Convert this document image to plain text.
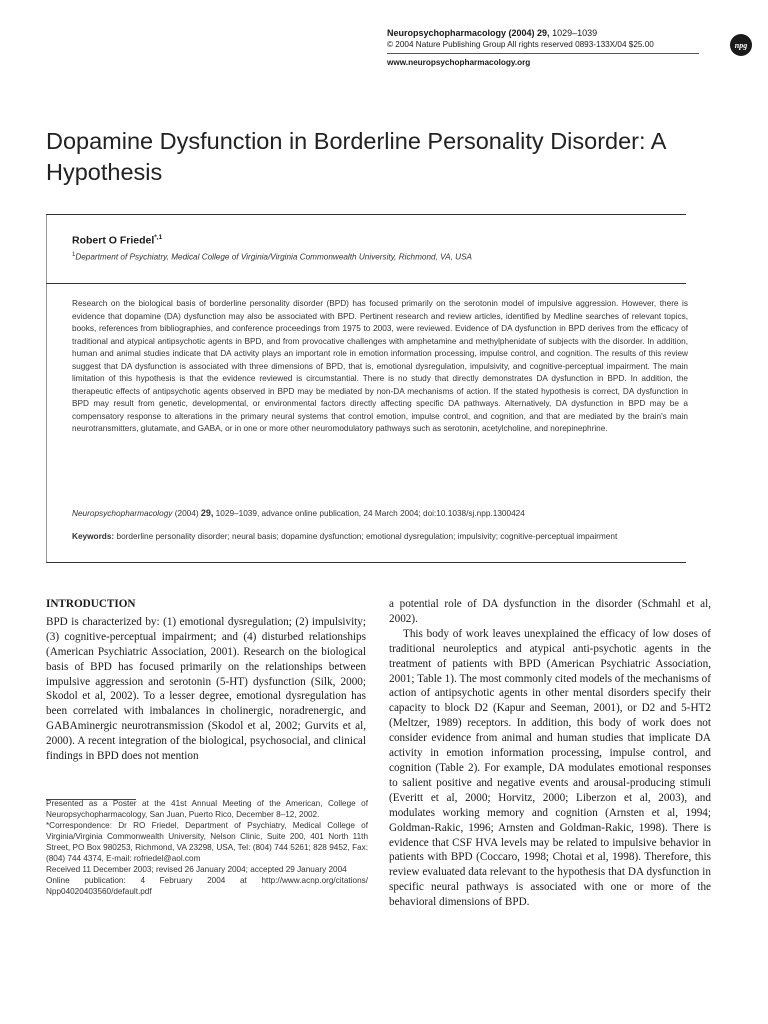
Neuropsychopharmacology (2004) 29, 1029–1039
© 2004 Nature Publishing Group All rights reserved 0893-133X/04 $25.00
www.neuropsychopharmacology.org
npg
Dopamine Dysfunction in Borderline Personality Disorder: A Hypothesis
Robert O Friedel$^{*,1}$
$^1$Department of Psychiatry, Medical College of Virginia/Virginia Commonwealth University, Richmond, VA, USA
Research on the biological basis of borderline personality disorder (BPD) has focused primarily on the serotonin model of impulsive aggression. However, there is evidence that dopamine (DA) dysfunction may also be associated with BPD. Pertinent research and review articles, identified by Medline searches of relevant topics, books, references from bibliographies, and conference proceedings from 1975 to 2003, were reviewed. Evidence of DA dysfunction in BPD derives from the efficacy of traditional and atypical antipsychotic agents in BPD, and from provocative challenges with amphetamine and methylphenidate of subjects with the disorder. In addition, human and animal studies indicate that DA activity plays an important role in emotion information processing, impulse control, and cognition. The results of this review suggest that DA dysfunction is associated with three dimensions of BPD, that is, emotional dysregulation, impulsivity, and cognitive-perceptual impairment. The main limitation of this hypothesis is that the evidence reviewed is circumstantial. There is no study that directly demonstrates DA dysfunction in BPD. In addition, the therapeutic effects of antipsychotic agents observed in BPD may be mediated by non-DA mechanisms of action. If the stated hypothesis is correct, DA dysfunction in BPD may result from genetic, developmental, or environmental factors directly affecting specific DA pathways. Alternatively, DA dysfunction in BPD may be a compensatory response to alterations in the primary neural systems that control emotion, impulse control, and cognition, and that are mediated by the brain's main neurotransmitters, glutamate, and GABA, or in one or more other neuromodulatory pathways such as serotonin, acetylcholine, and norepinephrine.
Neuropsychopharmacology (2004) 29, 1029–1039, advance online publication, 24 March 2004; doi:10.1038/sj.npp.1300424
Keywords: borderline personality disorder; neural basis; dopamine dysfunction; emotional dysregulation; impulsivity; cognitive-perceptual impairment
INTRODUCTION

BPD is characterized by: (1) emotional dysregulation; (2) impulsivity; (3) cognitive-perceptual impairment; and (4) disturbed relationships (American Psychiatric Association, 2001). Research on the biological basis of BPD has focused primarily on the relationships between impulsive aggression and serotonin (5-HT) dysfunction (Silk, 2000; Skodol et al, 2002). To a lesser degree, emotional dysregulation has been correlated with imbalances in cholinergic, noradrenergic, and GABAminergic neurotransmission (Skodol et al, 2002; Gurvits et al, 2000). A recent integration of the biological, psychosocial, and clinical findings in BPD does not mention

Presented as a Poster at the 41st Annual Meeting of the American, College of Neuropsychopharmacology, San Juan, Puerto Rico, December 8–12, 2002.

*Correspondence: Dr RO Friedel, Department of Psychiatry, Medical College of Virginia/Virginia Commonwealth University, Nelson Clinic, Suite 200, 401 North 11th Street, PO Box 980253, Richmond, VA 23298, USA, Tel: (804) 744 5261; 828 9452, Fax: (804) 744 4374, E-mail: rofriedel@aol.com

Received 11 December 2003; revised 26 January 2004; accepted 29 January 2004

Online publication: 4 February 2004 at http://www.acnp.org/citations/ Npp04020403560/default.pdf

a potential role of DA dysfunction in the disorder (Schmahl et al, 2002).

This body of work leaves unexplained the efficacy of low doses of traditional neuroleptics and atypical anti-psychotic agents in the treatment of patients with BPD (American Psychiatric Association, 2001; Table 1). The most commonly cited models of the mechanisms of action of antipsychotic agents in other mental disorders specify their capacity to block D2 (Kapur and Seeman, 2001), or D2 and 5-HT2 (Meltzer, 1989) receptors. In addition, this body of work does not consider evidence from animal and human studies that implicate DA activity in emotion information processing, impulse control, and cognition (Table 2). For example, DA modulates emotional responses to salient positive and negative events and arousal-producing stimuli (Everitt et al, 2000; Horvitz, 2000; Liberzon et al, 2003), and modulates working memory and cognition (Arnsten et al, 1994; Goldman-Rakic, 1996; Arnsten and Goldman-Rakic, 1998). There is evidence that CSF HVA levels may be related to impulsive behavior in patients with BPD (Coccaro, 1998; Chotai et al, 1998). Therefore, this review evaluated data relevant to the hypothesis that DA dysfunction in specific neural pathways is associated with one or more of the behavioral dimensions of BPD.
